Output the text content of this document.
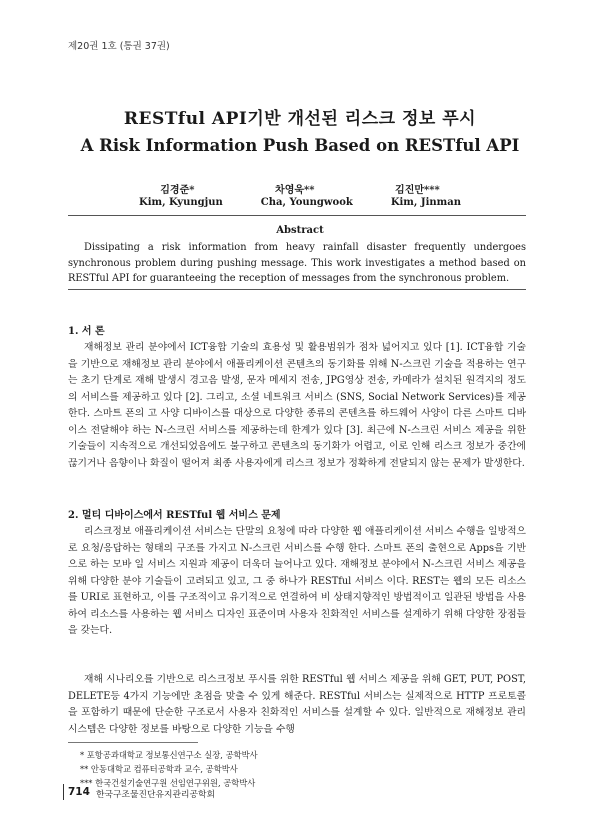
제20권 1호 (통권 37권)
RESTful API기반 개선된 리스크 정보 푸시
A Risk Information Push Based on RESTful API
김경준*	차영욱**	김진만***
Kim, Kyungjun	Cha, Youngwook	Kim, Jinman
Abstract
Dissipating a risk information from heavy rainfall disaster frequently undergoes synchronous problem during pushing message. This work investigates a method based on RESTful API for guaranteeing the reception of messages from the synchronous problem.
1. 서 론
재해정보 관리 분야에서 ICT융합 기술의 효용성 및 활용범위가 점차 넓어지고 있다 [1]. ICT융합 기술을 기반으로 재해정보 관리 분야에서 애플리케이션 콘텐츠의 동기화를 위해 N-스크린 기술을 적용하는 연구는 초기 단계로 재해 발생시 경고음 발생, 문자 메세지 전송, JPG영상 전송, 카메라가 설치된 원격지의 정도의 서비스를 제공하고 있다 [2]. 그리고, 소셜 네트워크 서비스 (SNS, Social Network Services)를 제공한다. 스마트 폰의 고 사양 디바이스를 대상으로 다양한 종류의 콘텐츠를 하드웨어 사양이 다른 스마트 디바이스 전달해야 하는 N-스크린 서비스를 제공하는데 한계가 있다 [3]. 최근에 N-스크린 서비스 제공을 위한 기술들이 지속적으로 개선되었음에도 불구하고 콘텐츠의 동기화가 어렵고, 이로 인해 리스크 정보가 중간에 끊기거나 음향이나 화질이 떨어져 최종 사용자에게 리스크 정보가 정확하게 전달되지 않는 문제가 발생한다.
2. 멀티 디바이스에서 RESTful 웹 서비스 문제
리스크정보 애플리케이션 서비스는 단말의 요청에 따라 다양한 웹 애플리케이션 서비스 수행을 일방적으로 요청/응답하는 형태의 구조를 가지고 N-스크린 서비스를 수행 한다. 스마트 폰의 출현으로 Apps을 기반으로 하는 모바 일 서비스 지원과 제공이 더욱더 늘어나고 있다. 재해정보 분야에서 N-스크린 서비스 제공을 위해 다양한 분야 기술들이 고려되고 있고, 그 중 하나가 RESTful 서비스 이다. REST는 웹의 모든 리소스를 URI로 표현하고, 이를 구조적이고 유기적으로 연결하여 비 상태지향적인 방법적이고 일관된 방법을 사용하여 리소스를 사용하는 웹 서비스 디자인 표준이며 사용자 친화적인 서비스를 설계하기 위해 다양한 장점들을 갖는다.
재해 시나리오를 기반으로 리스크정보 푸시를 위한 RESTful 웹 서비스 제공을 위해 GET, PUT, POST, DELETE등 4가지 기능에만 초점을 맞출 수 있게 해준다. RESTful 서비스는 실제적으로 HTTP 프로토콜을 포함하기 때문에 단순한 구조로서 사용자 친화적인 서비스를 설계할 수 있다. 일반적으로 재해정보 관리 시스템은 다양한 정보를 바탕으로 다양한 기능을 수행
* 포항공과대학교 정보통신연구소 실장, 공학박사
** 안동대학교 컴퓨터공학과 교수, 공학박사
*** 한국건설기술연구원 선임연구위원, 공학박사
714 한국구조물진단유지관리공학회
